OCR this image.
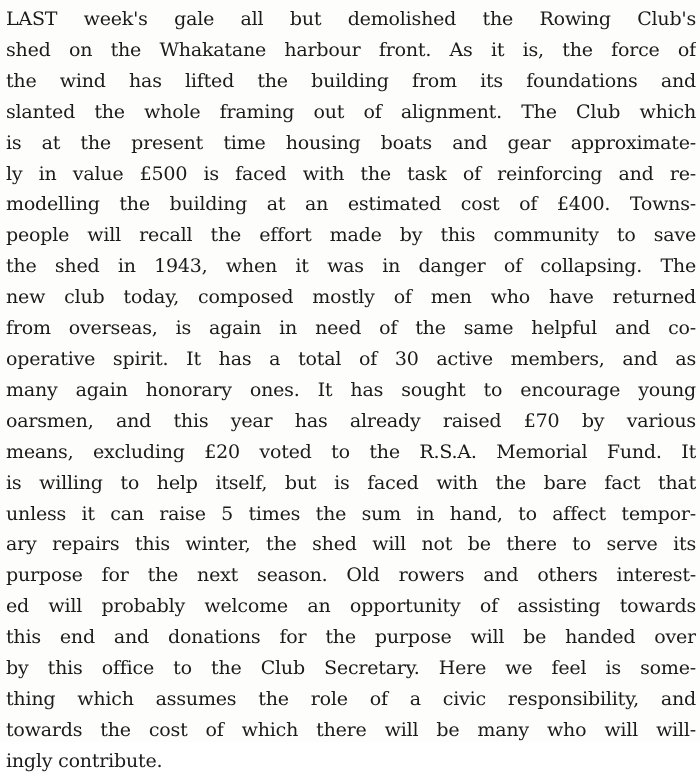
LAST week's gale all but demolished the Rowing Club's
shed on the Whakatane harbour front. As it is, the force of
the wind has lifted the building from its foundations and
slanted the whole framing out of alignment. The Club which
is at the present time housing boats and gear approximate-
ly in value £500 is faced with the task of reinforcing and re-
modelling the building at an estimated cost of £400. Towns-
people will recall the effort made by this community to save
the shed in 1943, when it was in danger of collapsing. The
new club today, composed mostly of men who have returned
from overseas, is again in need of the same helpful and co-
operative spirit. It has a total of 30 active members, and as
many again honorary ones. It has sought to encourage young
oarsmen, and this year has already raised £70 by various
means, excluding £20 voted to the R.S.A. Memorial Fund. It
is willing to help itself, but is faced with the bare fact that
unless it can raise 5 times the sum in hand, to affect tempor-
ary repairs this winter, the shed will not be there to serve its
purpose for the next season. Old rowers and others interest-
ed will probably welcome an opportunity of assisting towards
this end and donations for the purpose will be handed over
by this office to the Club Secretary. Here we feel is some-
thing which assumes the role of a civic responsibility, and
towards the cost of which there will be many who will will-
ingly contribute.
